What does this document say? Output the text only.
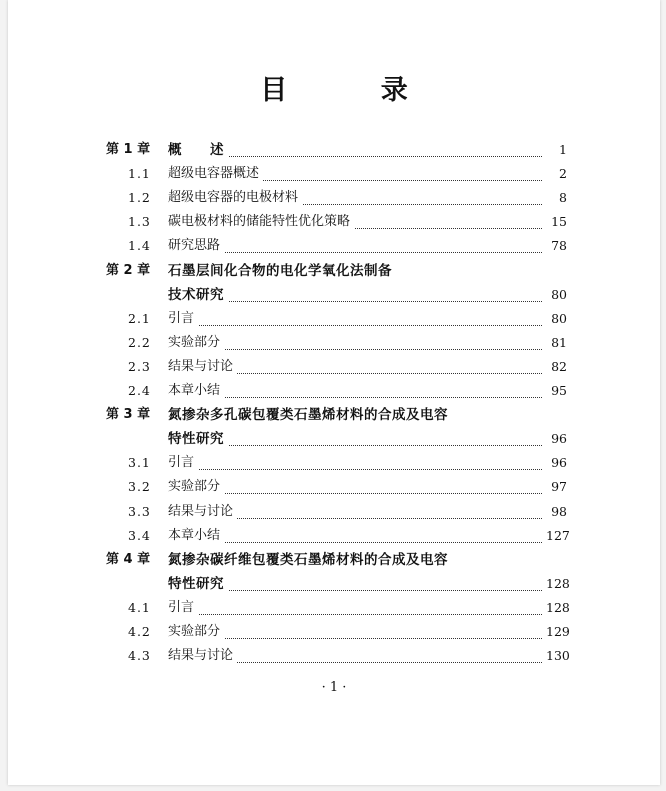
目 录
第 1 章 概　　述	1
1.1 超级电容器概述	2
1.2 超级电容器的电极材料	8
1.3 碳电极材料的储能特性优化策略	15
1.4 研究思路	78
第 2 章 石墨层间化合物的电化学氧化法制备
技术研究	80
2.1 引言	80
2.2 实验部分	81
2.3 结果与讨论	82
2.4 本章小结	95
第 3 章 氮掺杂多孔碳包覆类石墨烯材料的合成及电容
特性研究	96
3.1 引言	96
3.2 实验部分	97
3.3 结果与讨论	98
3.4 本章小结	127
第 4 章 氮掺杂碳纤维包覆类石墨烯材料的合成及电容
特性研究	128
4.1 引言	128
4.2 实验部分	129
4.3 结果与讨论	130
· 1 ·
